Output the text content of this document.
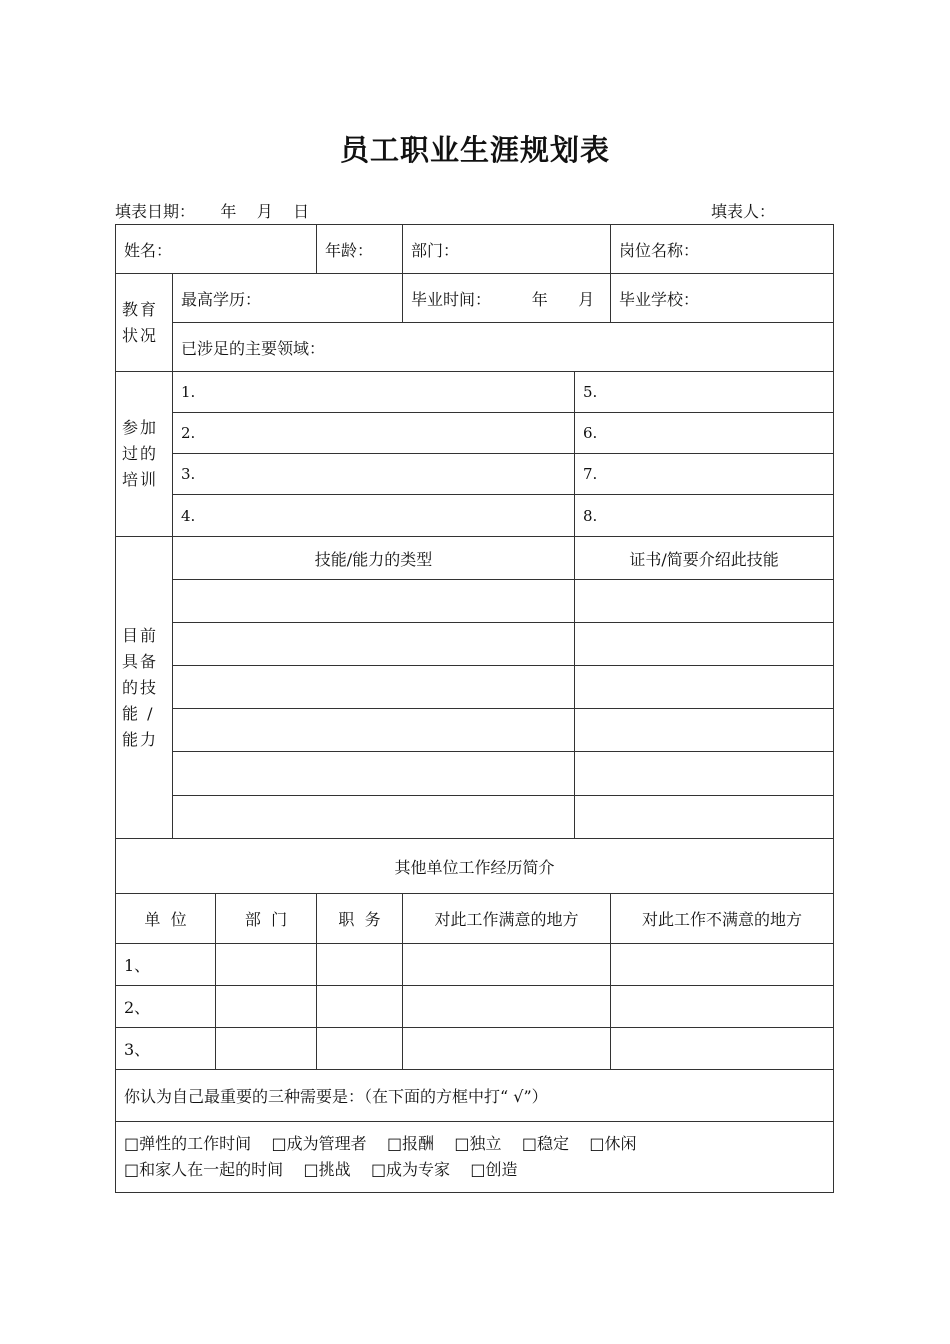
员工职业生涯规划表
填表日期：     年    月    日	填表人：
姓名：			年龄：	部门：		岗位名称：
教育状况	最高学历：			毕业时间：        年      月		毕业学校：
	已涉足的主要领域：					
参加过的培训	1.				5.	
	2.				6.	
	3.				7.	
	4.				8.	
目前具备的技能 / 能力	技能/能力的类型				证书/简要介绍此技能	

其他单位工作经历简介						
单  位		部  门	职  务	对此工作满意的地方		对此工作不满意的地方
1、						
2、						
3、						
你认为自己最重要的三种需要是：（在下面的方框中打“ √”）						
□弹性的工作时间 □成为管理者 □报酬 □独立 □稳定 □休闲    □和家人在一起的时间 □挑战 □成为专家 □创造						
